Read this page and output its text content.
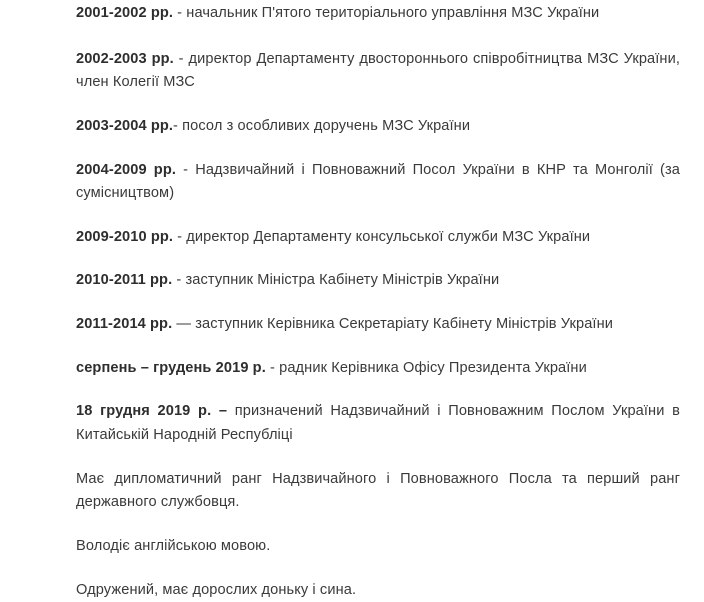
2001-2002 рр. - начальник П'ятого територіального управління МЗС України

2002-2003 рр. - директор Департаменту двостороннього співробітництва МЗС України, член Колегії МЗС

2003-2004 рр.- посол з особливих доручень МЗС України

2004-2009 рр. - Надзвичайний і Повноважний Посол України в КНР та Монголії (за сумісництвом)

2009-2010 рр. - директор Департаменту консульської служби МЗС України

2010-2011 рр. - заступник Міністра Кабінету Міністрів України

2011-2014 рр. — заступник Керівника Секретаріату Кабінету Міністрів України

серпень – грудень 2019 р. - радник Керівника Офісу Президента України

18 грудня 2019 р. – призначений Надзвичайний і Повноважним Послом України в Китайській Народній Республіці

Має дипломатичний ранг Надзвичайного і Повноважного Посла та перший ранг державного службовця.

Володіє англійською мовою.

Одружений, має дорослих доньку і сина.
